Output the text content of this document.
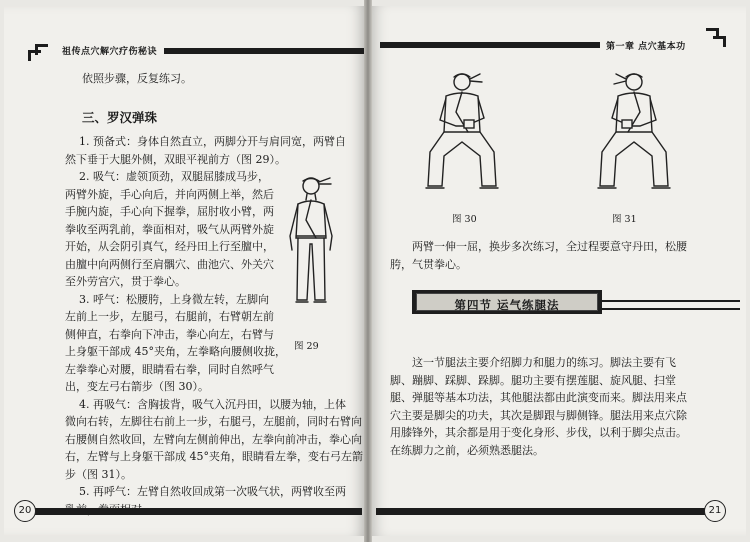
祖传点穴解穴疗伤秘诀
依照步骤，反复练习。
三、罗汉弹珠

1. 预备式：身体自然直立，两脚分开与肩同宽，两臂自

然下垂于大腿外侧，双眼平视前方（图 29）。

2. 吸气：虚领顶劲，双腿屈膝成马步，

两臂外旋，手心向后，并向两侧上举，然后

手腕内旋，手心向下握拳，屈肘收小臂，两

拳收至两乳前，拳面相对，吸气从两臂外旋

开始，从会阴引真气，经丹田上行至膻中，

由膻中向两侧行至肩髃穴、曲池穴、外关穴

至外劳宫穴，贯于拳心。

3. 呼气：松腰胯，上身微左转，左脚向

左前上一步，左腿弓，右腿前，右臂朝左前

侧伸直，右拳向下冲击，拳心向左，右臂与

上身躯干部成 45°夹角，左拳略向腰侧收拢，

左拳拳心对腰，眼睛看右拳，同时自然呼气

出，变左弓右箭步（图 30）。

4. 再吸气：含胸拔背，吸气入沉丹田，以腰为轴，上体

微向右转，左脚往右前上一步，右腿弓，左腿前，同时右臂向

右腰侧自然收回，左臂向左侧前伸出，左拳向前冲击，拳心向

右，左臂与上身躯干部成 45°夹角，眼睛看左拳，变右弓左箭

步（图 31）。

5. 再呼气：左臂自然收回成第一次吸气状，两臂收至两

图 29
20
第一章 点穴基本功
图 30	图 31

两臂一伸一屈，换步多次练习，全过程要意守丹田，松腰

胯，气贯拳心。

这一节腿法主要介绍脚力和腿力的练习。脚法主要有飞

脚、蹦脚、踩脚、跺脚。腿功主要有摆莲腿、旋风腿、扫堂

腿、弹腿等基本功法，其他腿法都由此演变而来。脚法用来点

穴主要是脚尖的功夫，其次是脚跟与脚侧锋。腿法用来点穴除

用膝锋外，其余都是用于变化身形、步伐，以利于脚尖点击。

在练脚力之前，必须熟悉腿法。

21
第四节 运气练腿法
